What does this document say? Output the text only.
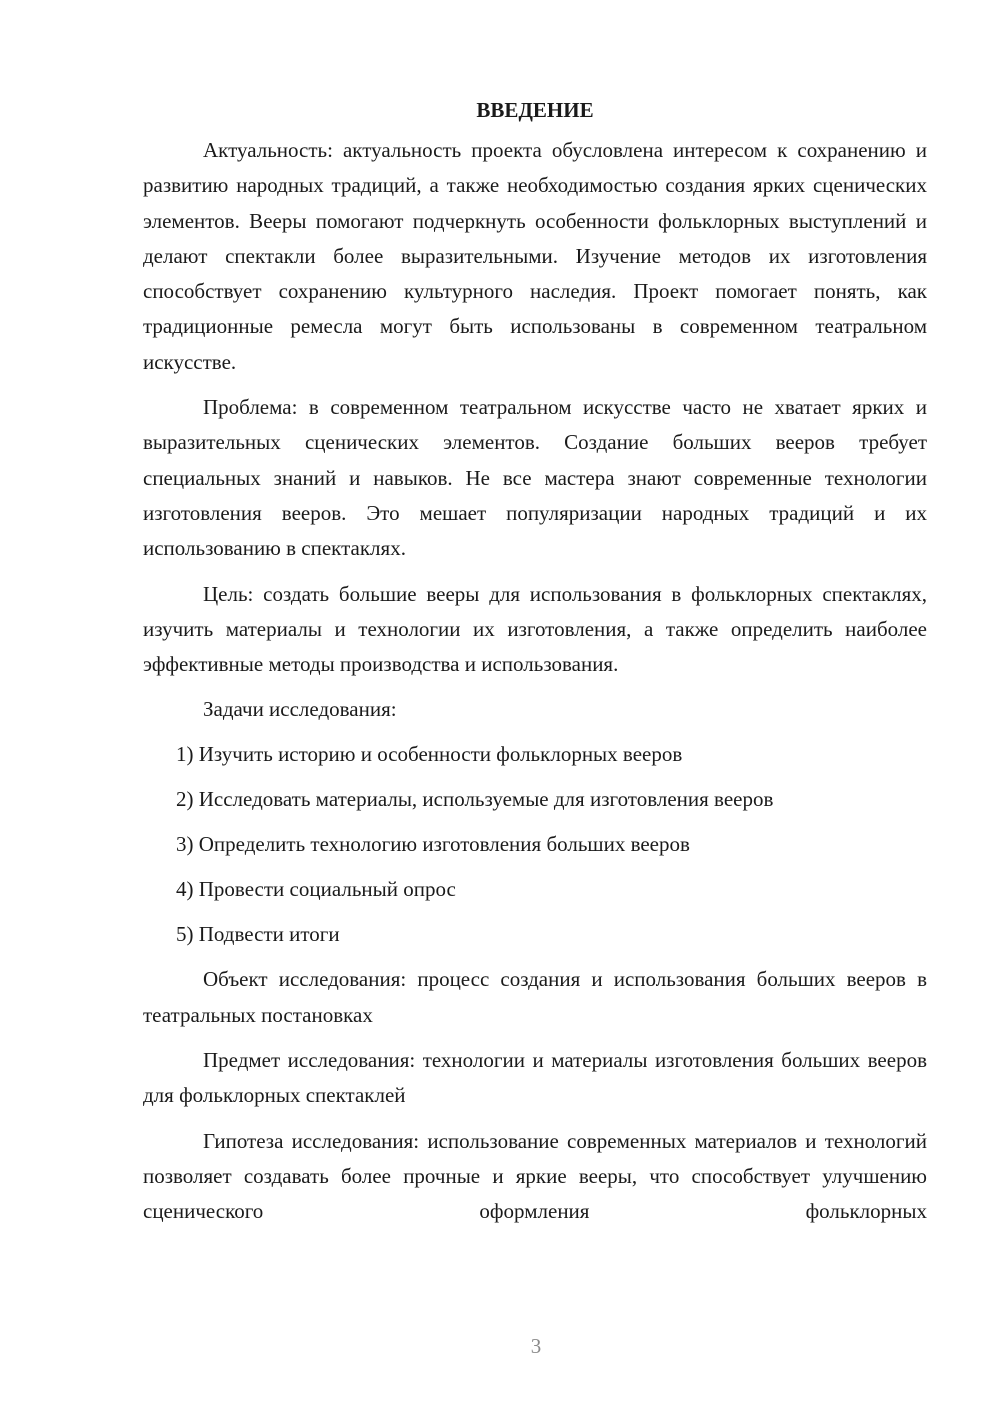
ВВЕДЕНИЕ

Актуальность: актуальность проекта обусловлена интересом к сохранению и развитию народных традиций, а также необходимостью создания ярких сценических элементов. Вееры помогают подчеркнуть особенности фольклорных выступлений и делают спектакли более выразительными. Изучение методов их изготовления способствует сохранению культурного наследия. Проект помогает понять, как традиционные ремесла могут быть использованы в современном театральном искусстве.

Проблема: в современном театральном искусстве часто не хватает ярких и выразительных сценических элементов. Создание больших вееров требует специальных знаний и навыков. Не все мастера знают современные технологии изготовления вееров. Это мешает популяризации народных традиций и их использованию в спектаклях.

Цель: создать большие вееры для использования в фольклорных спектаклях, изучить материалы и технологии их изготовления, а также определить наиболее эффективные методы производства и использования.

Задачи исследования:
1) Изучить историю и особенности фольклорных вееров
2) Исследовать материалы, используемые для изготовления вееров
3) Определить технологию изготовления больших вееров
4) Провести социальный опрос
5) Подвести итоги

Объект исследования: процесс создания и использования больших вееров в театральных постановках

Предмет исследования: технологии и материалы изготовления больших вееров для фольклорных спектаклей

Гипотеза исследования: использование современных материалов и технологий позволяет создавать более прочные и яркие вееры, что способствует улучшению сценического оформления фольклорных

3
